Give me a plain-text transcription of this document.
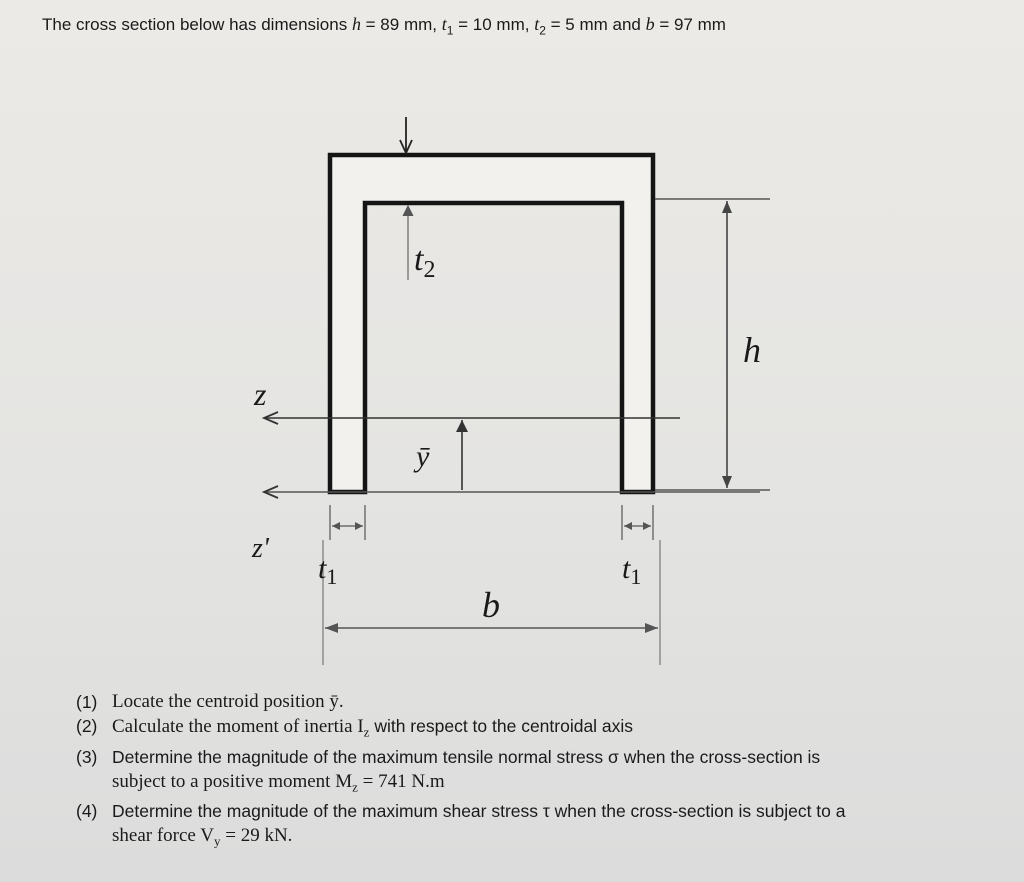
The cross section below has dimensions h = 89 mm, $t_1 = 10$ mm, $t_2 = 5$ mm and b = 97 mm
$t_2$
h
z
z'
ȳ
$t_1$	$t_1$
b
(1) Locate the centroid position ȳ.
(2) Calculate the moment of inertia $I_z$ with respect to the centroidal axis
(3) Determine the magnitude of the maximum tensile normal stress σ when the cross-section is
subject to a positive moment $M_z = 741$ N.m
(4) Determine the magnitude of the maximum shear stress τ when the cross-section is subject to a
shear force $V_y = 29$ kN.
